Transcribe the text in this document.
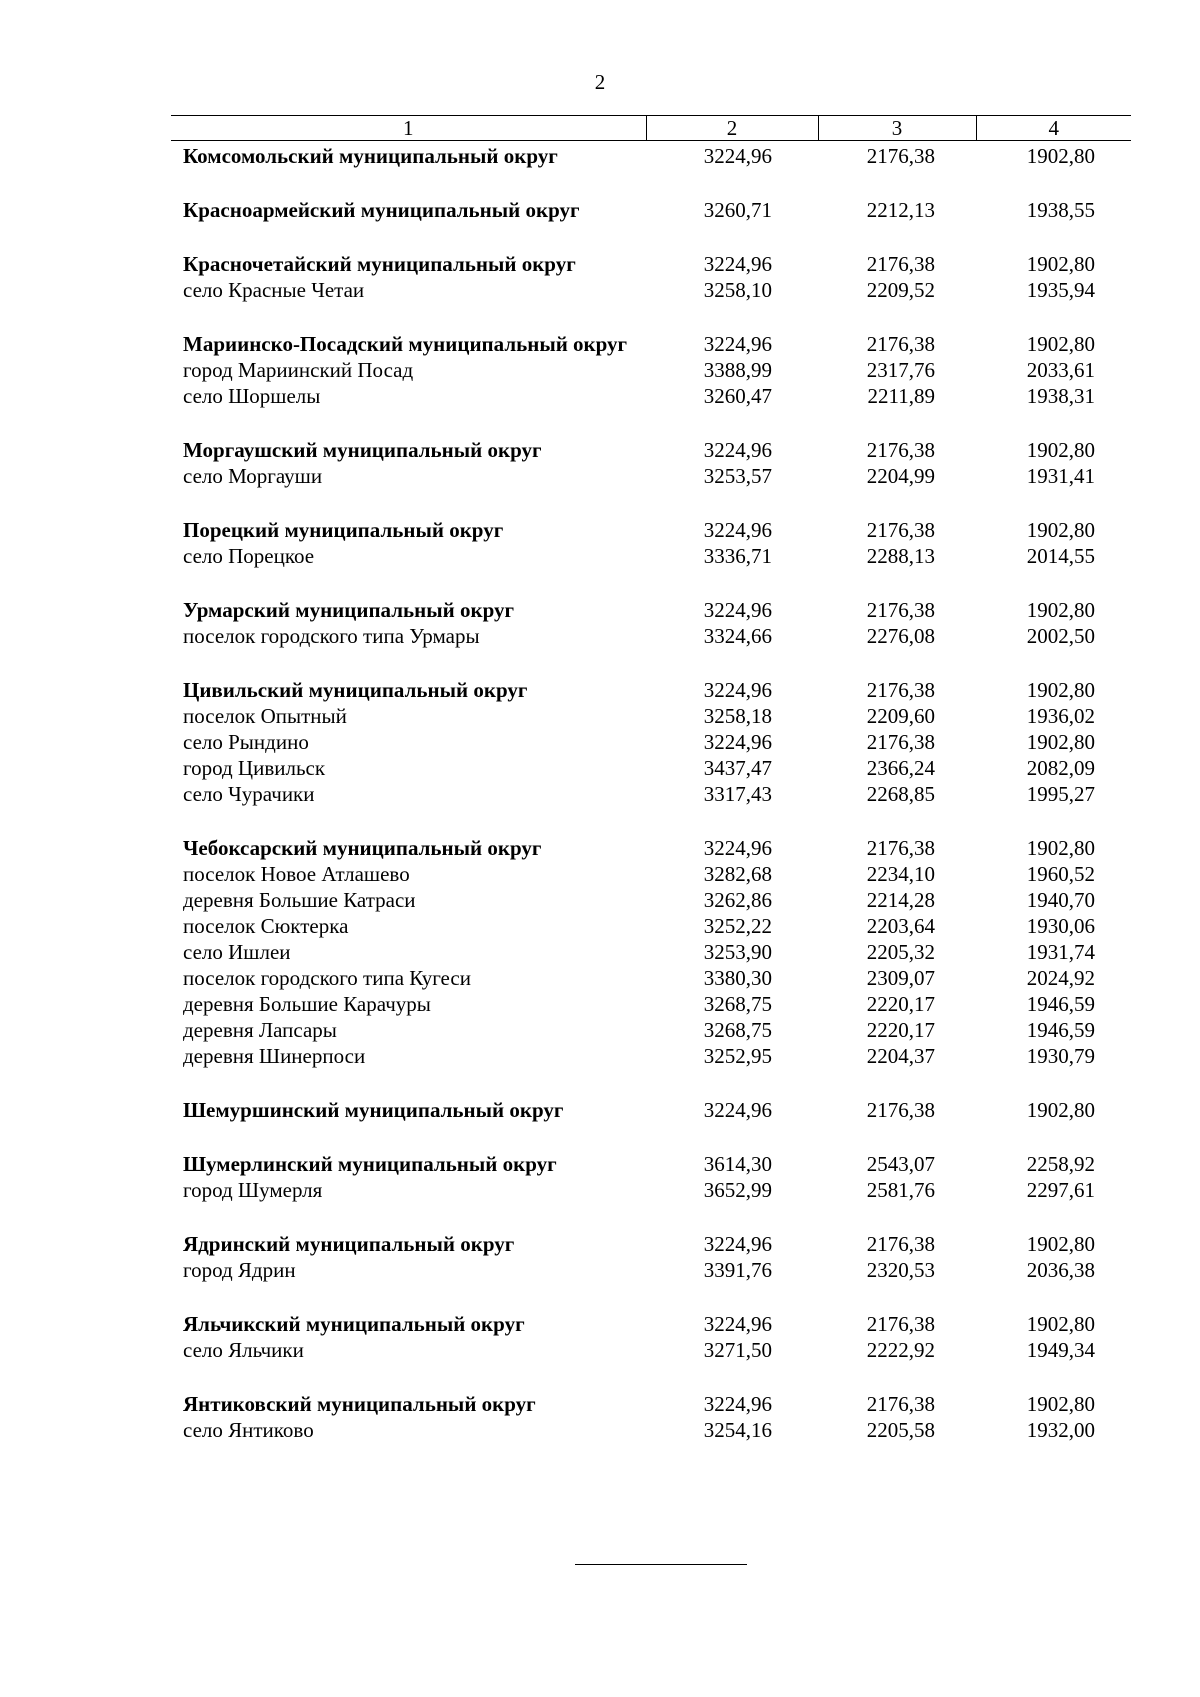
2
1	2	3	4
Комсомольский муниципальный округ	3224,96	2176,38	1902,80
Красноармейский муниципальный округ	3260,71	2212,13	1938,55
Красночетайский муниципальный округ	3224,96	2176,38	1902,80
село Красные Четаи	3258,10	2209,52	1935,94
Мариинско-Посадский муниципальный округ	3224,96	2176,38	1902,80
город Мариинский Посад	3388,99	2317,76	2033,61
село Шоршелы	3260,47	2211,89	1938,31
Моргаушский муниципальный округ	3224,96	2176,38	1902,80
село Моргауши	3253,57	2204,99	1931,41
Порецкий муниципальный округ	3224,96	2176,38	1902,80
село Порецкое	3336,71	2288,13	2014,55
Урмарский муниципальный округ	3224,96	2176,38	1902,80
поселок городского типа Урмары	3324,66	2276,08	2002,50
Цивильский муниципальный округ	3224,96	2176,38	1902,80
поселок Опытный	3258,18	2209,60	1936,02
село Рындино	3224,96	2176,38	1902,80
город Цивильск	3437,47	2366,24	2082,09
село Чурачики	3317,43	2268,85	1995,27
Чебоксарский муниципальный округ	3224,96	2176,38	1902,80
поселок Новое Атлашево	3282,68	2234,10	1960,52
деревня Большие Катраси	3262,86	2214,28	1940,70
поселок Сюктерка	3252,22	2203,64	1930,06
село Ишлеи	3253,90	2205,32	1931,74
поселок городского типа Кугеси	3380,30	2309,07	2024,92
деревня Большие Карачуры	3268,75	2220,17	1946,59
деревня Лапсары	3268,75	2220,17	1946,59
деревня Шинерпоси	3252,95	2204,37	1930,79
Шемуршинский муниципальный округ	3224,96	2176,38	1902,80
Шумерлинский муниципальный округ	3614,30	2543,07	2258,92
город Шумерля	3652,99	2581,76	2297,61
Ядринский муниципальный округ	3224,96	2176,38	1902,80
город Ядрин	3391,76	2320,53	2036,38
Яльчикский муниципальный округ	3224,96	2176,38	1902,80
село Яльчики	3271,50	2222,92	1949,34
Янтиковский муниципальный округ	3224,96	2176,38	1902,80
село Янтиково	3254,16	2205,58	1932,00
